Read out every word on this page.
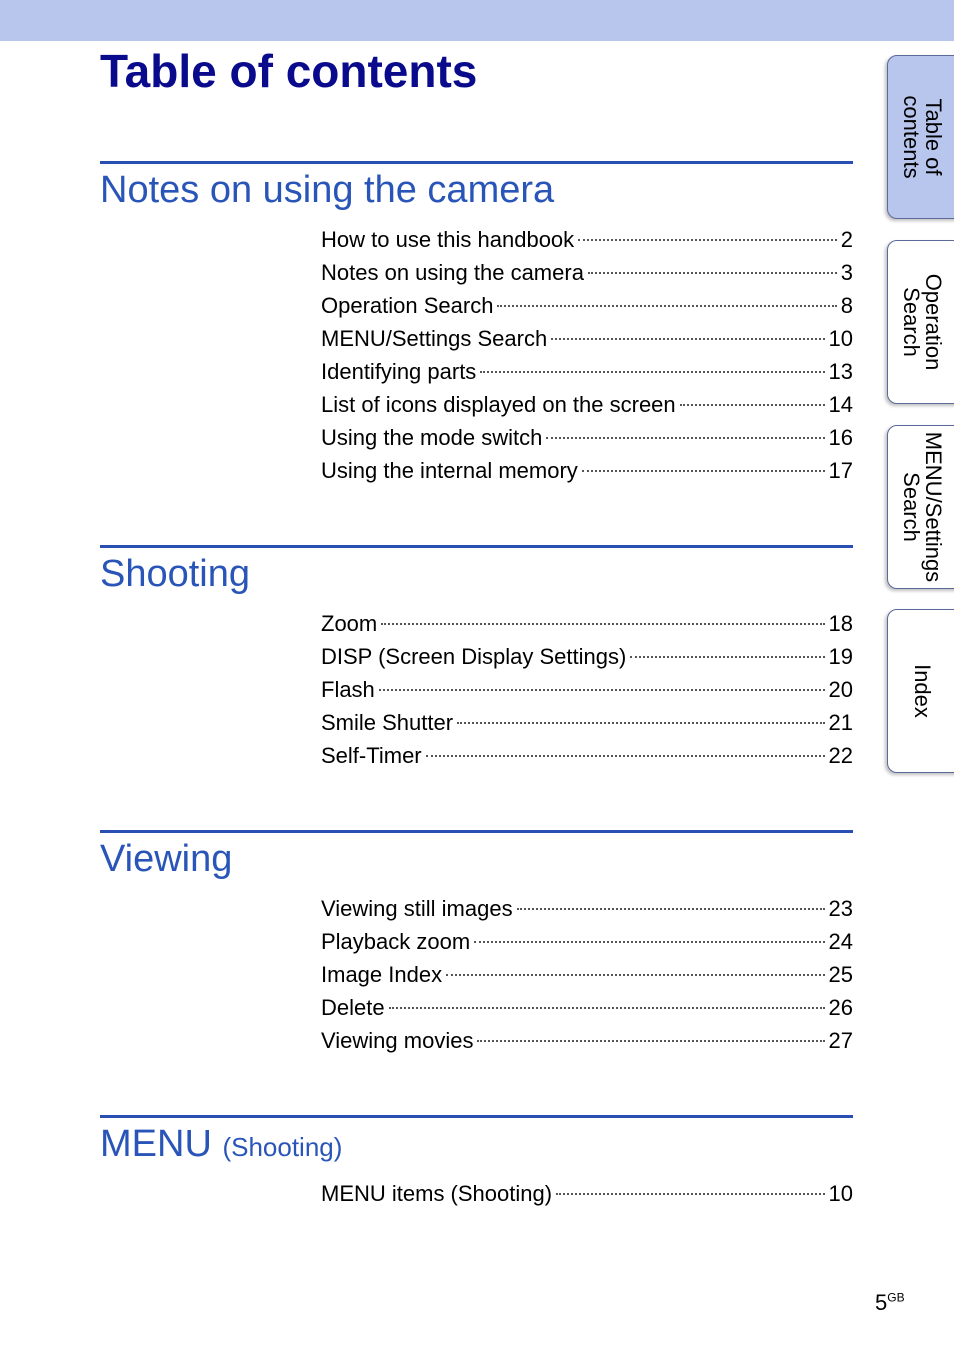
Table of contents
Notes on using the camera
How to use this handbook	2
Notes on using the camera	3
Operation Search	8
MENU/Settings Search	10
Identifying parts	13
List of icons displayed on the screen	14
Using the mode switch	16
Using the internal memory	17
Shooting
Zoom	18
DISP (Screen Display Settings)	19
Flash	20
Smile Shutter	21
Self-Timer	22
Viewing
Viewing still images	23
Playback zoom	24
Image Index	25
Delete	26
Viewing movies	27
MENU (Shooting)
MENU items (Shooting)	10
Table of
contents
Operation
Search
MENU/Settings
Search
Index
$5^{GB}$
